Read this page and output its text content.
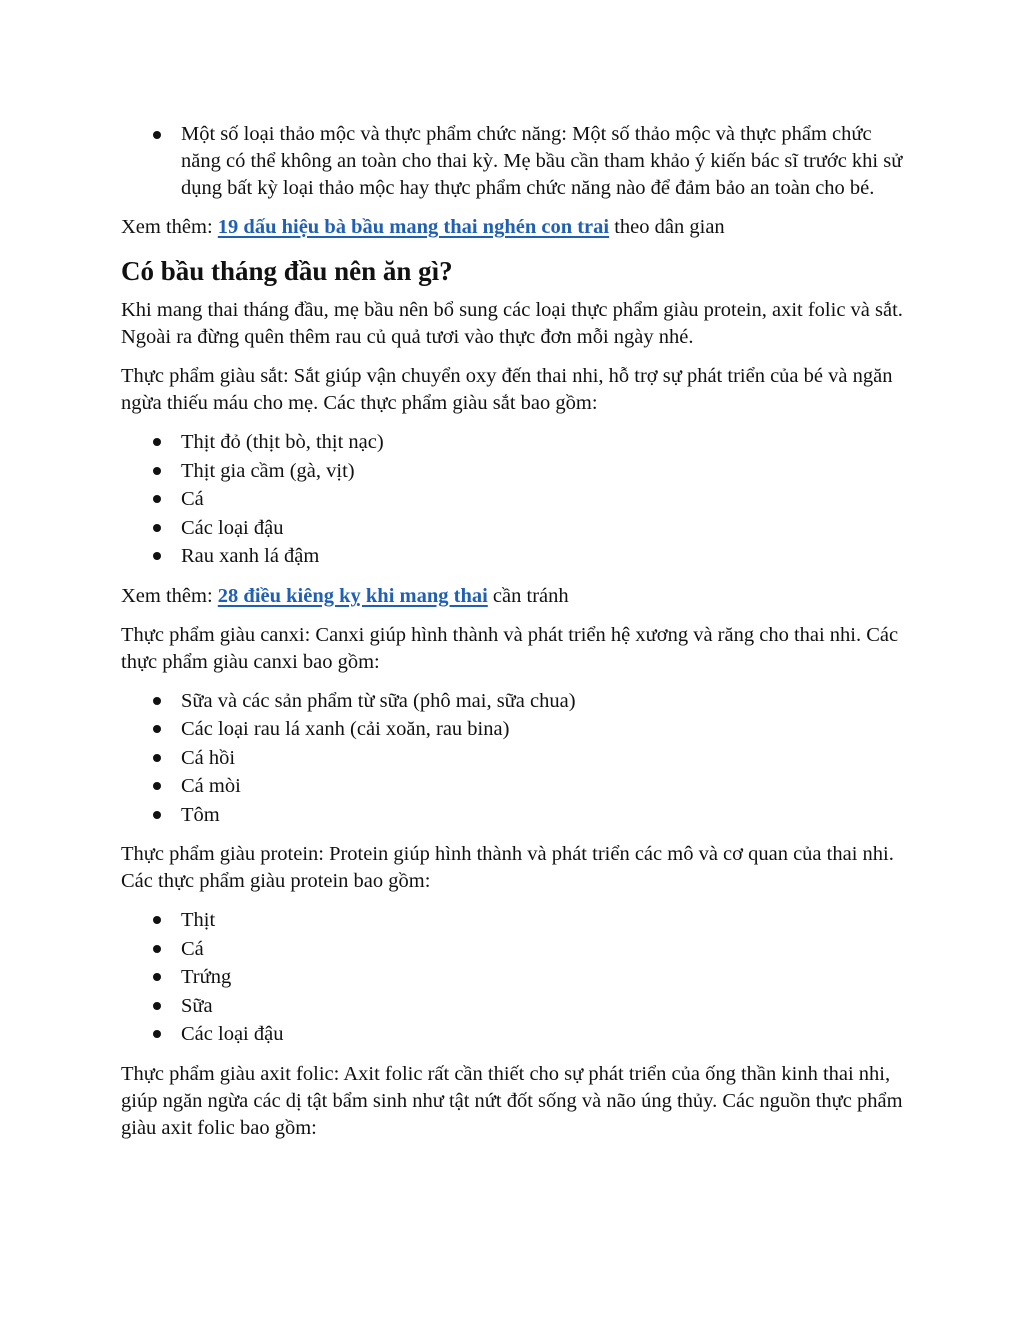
Một số loại thảo mộc và thực phẩm chức năng: Một số thảo mộc và thực phẩm chức năng có thể không an toàn cho thai kỳ. Mẹ bầu cần tham khảo ý kiến bác sĩ trước khi sử dụng bất kỳ loại thảo mộc hay thực phẩm chức năng nào để đảm bảo an toàn cho bé.

Xem thêm: 19 dấu hiệu bà bầu mang thai nghén con trai theo dân gian

Có bầu tháng đầu nên ăn gì?

Khi mang thai tháng đầu, mẹ bầu nên bổ sung các loại thực phẩm giàu protein, axit folic và sắt. Ngoài ra đừng quên thêm rau củ quả tươi vào thực đơn mỗi ngày nhé.

Thực phẩm giàu sắt: Sắt giúp vận chuyển oxy đến thai nhi, hỗ trợ sự phát triển của bé và ngăn ngừa thiếu máu cho mẹ. Các thực phẩm giàu sắt bao gồm:

Thịt đỏ (thịt bò, thịt nạc)
Thịt gia cầm (gà, vịt)
Cá
Các loại đậu
Rau xanh lá đậm

Xem thêm: 28 điều kiêng kỵ khi mang thai cần tránh

Thực phẩm giàu canxi: Canxi giúp hình thành và phát triển hệ xương và răng cho thai nhi. Các thực phẩm giàu canxi bao gồm:

Sữa và các sản phẩm từ sữa (phô mai, sữa chua)
Các loại rau lá xanh (cải xoăn, rau bina)
Cá hồi
Cá mòi
Tôm

Thực phẩm giàu protein: Protein giúp hình thành và phát triển các mô và cơ quan của thai nhi. Các thực phẩm giàu protein bao gồm:

Thịt
Cá
Trứng
Sữa
Các loại đậu

Thực phẩm giàu axit folic: Axit folic rất cần thiết cho sự phát triển của ống thần kinh thai nhi, giúp ngăn ngừa các dị tật bẩm sinh như tật nứt đốt sống và não úng thủy. Các nguồn thực phẩm giàu axit folic bao gồm:
